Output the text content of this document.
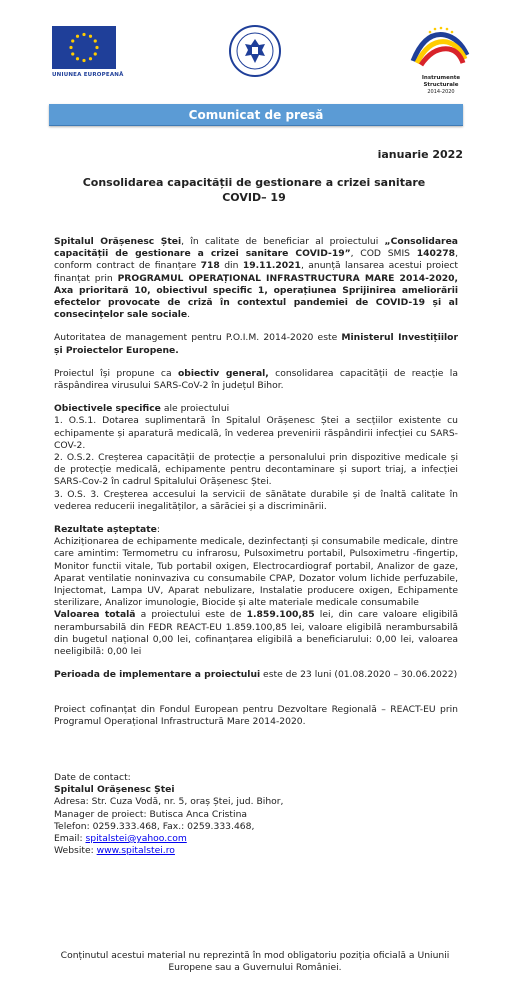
UNIUNEA EUROPEANĂ	Instrumente Structurale
2014-2020
Comunicat de presă
ianuarie 2022
Consolidarea capacității de gestionare a crizei sanitare
COVID– 19

Spitalul Orășenesc Ștei, în calitate de beneficiar al proiectului „Consolidarea capacității de gestionare a crizei sanitare COVID-19”, COD SMIS 140278, conform contract de finanțare 718 din 19.11.2021, anunță lansarea acestui proiect finanțat prin PROGRAMUL OPERAȚIONAL INFRASTRUCTURA MARE 2014-2020, Axa prioritară 10, obiectivul specific 1, operațiunea Sprijinirea ameliorării efectelor provocate de criză în contextul pandemiei de COVID-19 și al consecințelor sale sociale.

Autoritatea de management pentru P.O.I.M. 2014-2020 este Ministerul Investițiilor și Proiectelor Europene.

Proiectul își propune ca obiectiv general, consolidarea capacității de reacție la răspândirea virusului SARS-CoV-2 în județul Bihor.

Obiectivele specifice ale proiectului

1. O.S.1. Dotarea suplimentară în Spitalul Orășenesc Ștei a secțiilor existente cu echipamente și aparatură medicală, în vederea prevenirii răspândirii infecției cu SARS-COV-2.

2. O.S.2. Creșterea capacității de protecție a personalului prin dispozitive medicale și de protecție medicală, echipamente pentru decontaminare și suport triaj, a infecției SARS-Cov-2 în cadrul Spitalului Orășenesc Ștei.

3. O.S. 3. Creșterea accesului la servicii de sănătate durabile și de înaltă calitate în vederea reducerii inegalităților, a sărăciei și a discriminării.

Rezultate așteptate:

Achiziționarea de echipamente medicale, dezinfectanți și consumabile medicale, dintre care amintim: Termometru cu infrarosu, Pulsoximetru portabil, Pulsoximetru -fingertip, Monitor functii vitale, Tub portabil oxigen, Electrocardiograf portabil, Analizor de gaze, Aparat ventilatie noninvaziva cu consumabile CPAP, Dozator volum lichide perfuzabile, Injectomat, Lampa UV, Aparat nebulizare, Instalatie producere oxigen, Echipamente sterilizare, Analizor imunologie, Biocide și alte materiale medicale consumabile

Valoarea totală a proiectului este de 1.859.100,85 lei, din care valoare eligibilă nerambursabilă din FEDR REACT-EU 1.859.100,85 lei, valoare eligibilă nerambursabilă din bugetul național 0,00 lei, cofinanțarea eligibilă a beneficiarului: 0,00 lei, valoarea neeligibilă: 0,00 lei

Perioada de implementare a proiectului este de 23 luni (01.08.2020 – 30.06.2022)

Proiect cofinanțat din Fondul European pentru Dezvoltare Regională – REACT-EU prin Programul Operațional Infrastructură Mare 2014-2020.

Date de contact:
Spitalul Orășenesc Ștei
Adresa: Str. Cuza Vodă, nr. 5, oraș Ștei, jud. Bihor,
Manager de proiect: Butisca Anca Cristina
Telefon: 0259.333.468, Fax.: 0259.333.468,
Email: spitalstei@yahoo.com
Website: www.spitalstei.ro
Conținutul acestui material nu reprezintă în mod obligatoriu poziția oficială a Uniunii Europene sau a Guvernului României.
